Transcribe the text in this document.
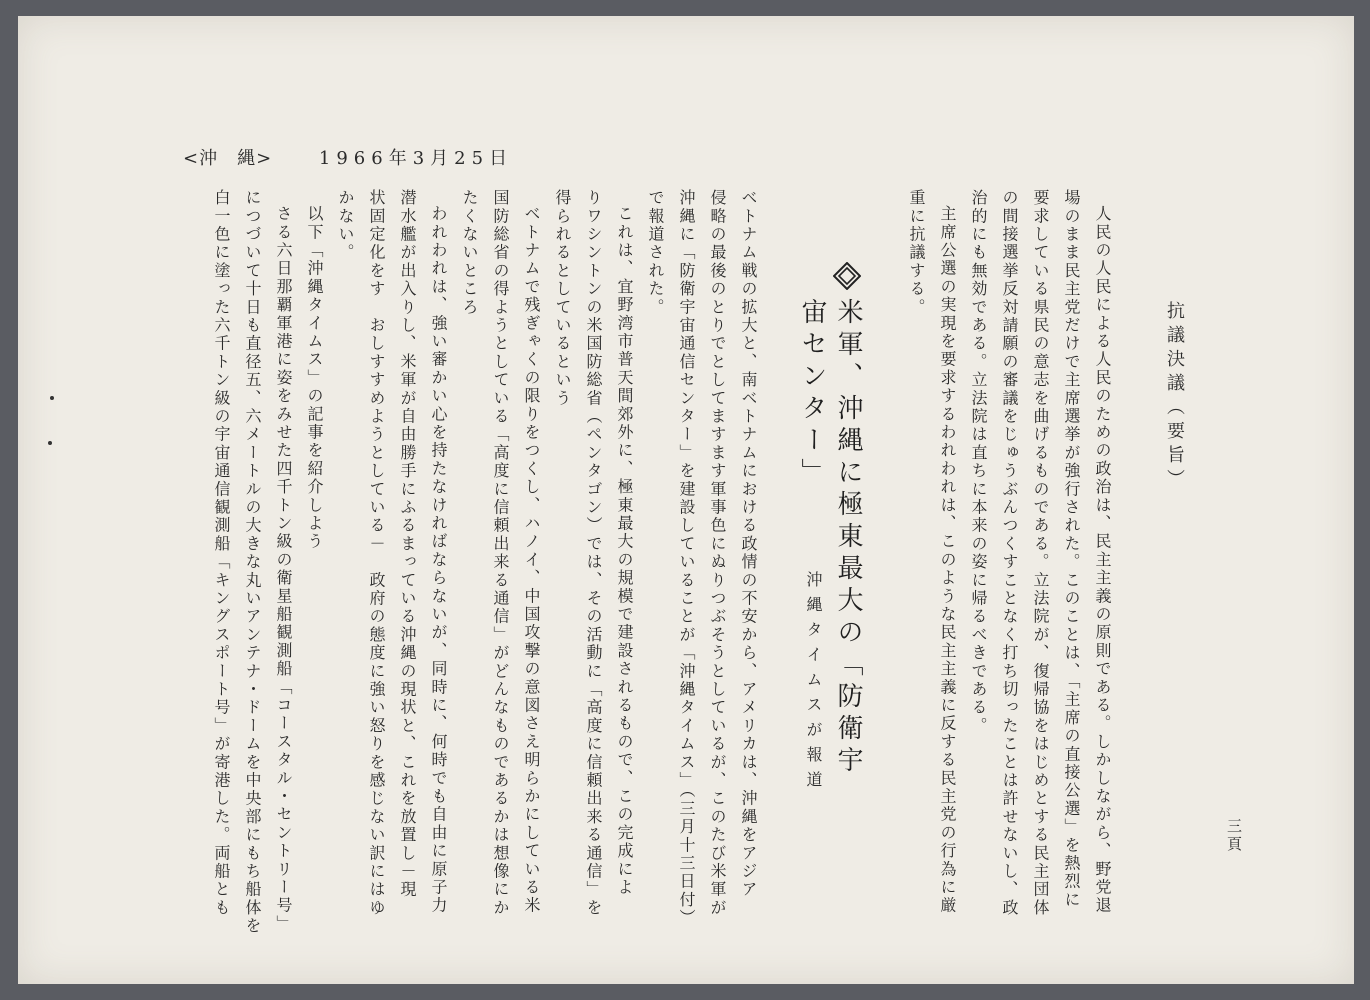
<沖　縄>	1966年3月25日
三頁
抗議決議（要旨）
人民の人民による人民のための政治は、民主主義の原則である。しかしながら、野党退
場のまま民主党だけで主席選挙が強行された。このことは、「主席の直接公選」を熱烈に
要求している県民の意志を曲げるものである。立法院が、復帰協をはじめとする民主団体
の間接選挙反対請願の審議をじゅうぶんつくすことなく打ち切ったことは許せないし、政
治的にも無効である。立法院は直ちに本来の姿に帰るべきである。
主席公選の実現を要求するわれわれは、このような民主主義に反する民主党の行為に厳
重に抗議する。
米軍、沖縄に極東最大の「防衛宇
宙センター」
沖縄タイムスが報道
ベトナム戦の拡大と、南ベトナムにおける政情の不安から、アメリカは、沖縄をアジア
侵略の最後のとりでとしてますます軍事色にぬりつぶそうとしているが、このたび米軍が
沖縄に「防衛宇宙通信センター」を建設していることが「沖縄タイムス」（三月十三日付）
で報道された。
これは、宜野湾市普天間郊外に、極東最大の規模で建設されるもので、この完成によ
りワシントンの米国防総省（ペンタゴン）では、その活動に「高度に信頼出来る通信」を
得られるとしているという
ベトナムで残ぎゃくの限りをつくし、ハノイ、中国攻撃の意図さえ明らかにしている米
国防総省の得ようとしている「高度に信頼出来る通信」がどんなものであるかは想像にか
たくないところ
われわれは、強い審かい心を持たなければならないが、同時に、何時でも自由に原子力
潜水艦が出入りし、米軍が自由勝手にふるまっている沖縄の現状と、これを放置し－現
状固定化をす　おしすすめようとしている－　政府の態度に強い怒りを感じない訳にはゆ
かない。
以下「沖縄タイムス」の記事を紹介しよう
さる六日那覇軍港に姿をみせた四千トン級の衛星船観測船「コースタル・セントリー号」
につづいて十日も直径五、六メートルの大きな丸いアンテナ・ドームを中央部にもち船体を
白一色に塗った六千トン級の宇宙通信観測船「キングスポート号」が寄港した。両船とも
